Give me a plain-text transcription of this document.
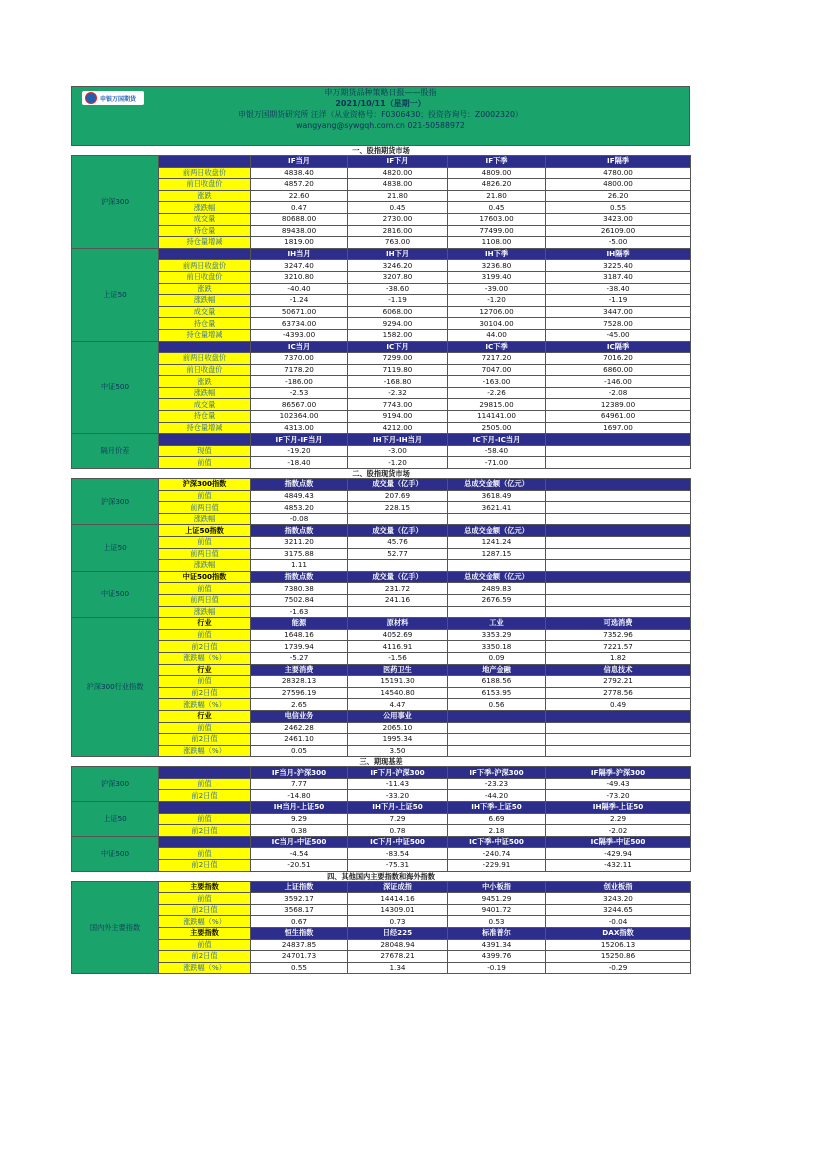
申银万国期货
申万期货品种策略日报——股指
2021/10/11（星期一）
申银万国期货研究所 汪洋（从业资格号：F0306430；投资咨询号：Z0002320）
wangyang@sywgqh.com.cn 021-50588972
一、股指期货市场					
沪深300		IF当月	IF下月	IF下季	IF隔季
	前两日收盘价	4838.40	4820.00	4809.00	4780.00
	前日收盘价	4857.20	4838.00	4826.20	4800.00
	涨跌	22.60	21.80	21.80	26.20
	涨跌幅	0.47	0.45	0.45	0.55
	成交量	80688.00	2730.00	17603.00	3423.00
	持仓量	89438.00	2816.00	77499.00	26109.00
	持仓量增减	1819.00	763.00	1108.00	-5.00
上证50		IH当月	IH下月	IH下季	IH隔季
	前两日收盘价	3247.40	3246.20	3236.80	3225.40
	前日收盘价	3210.80	3207.80	3199.40	3187.40
	涨跌	-40.40	-38.60	-39.00	-38.40
	涨跌幅	-1.24	-1.19	-1.20	-1.19
	成交量	50671.00	6068.00	12706.00	3447.00
	持仓量	63734.00	9294.00	30104.00	7528.00
	持仓量增减	-4393.00	1582.00	44.00	-45.00
中证500		IC当月	IC下月	IC下季	IC隔季
	前两日收盘价	7370.00	7299.00	7217.20	7016.20
	前日收盘价	7178.20	7119.80	7047.00	6860.00
	涨跌	-186.00	-168.80	-163.00	-146.00
	涨跌幅	-2.53	-2.32	-2.26	-2.08
	成交量	86567.00	7743.00	29815.00	12389.00
	持仓量	102364.00	9194.00	114141.00	64961.00
	持仓量增减	4313.00	4212.00	2505.00	1697.00
隔月价差		IF下月-IF当月	IH下月-IH当月	IC下月-IC当月	
	现值	-19.20	-3.00	-58.40	
	前值	-18.40	-1.20	-71.00	
二、股指现货市场					
沪深300	沪深300指数	指数点数	成交量（亿手）	总成交金额（亿元）	
	前值	4849.43	207.69	3618.49	
	前两日值	4853.20	228.15	3621.41	
	涨跌幅	-0.08			
上证50	上证50指数	指数点数	成交量（亿手）	总成交金额（亿元）	
	前值	3211.20	45.76	1241.24	
	前两日值	3175.88	52.77	1287.15	
	涨跌幅	1.11			
中证500	中证500指数	指数点数	成交量（亿手）	总成交金额（亿元）	
	前值	7380.38	231.72	2489.83	
	前两日值	7502.84	241.16	2676.59	
	涨跌幅	-1.63			
沪深300行业指数	行业	能源	原材料	工业	可选消费
	前值	1648.16	4052.69	3353.29	7352.96
	前2日值	1739.94	4116.91	3350.18	7221.57
	涨跌幅（%）	-5.27	-1.56	0.09	1.82
	行业	主要消费	医药卫生	地产金融	信息技术
	前值	28328.13	15191.30	6188.56	2792.21
	前2日值	27596.19	14540.80	6153.95	2778.56
	涨跌幅（%）	2.65	4.47	0.56	0.49
	行业	电信业务	公用事业		
	前值	2462.28	2065.10		
	前2日值	2461.10	1995.34		
	涨跌幅（%）	0.05	3.50		
三、期现基差					
沪深300		IF当月-沪深300	IF下月-沪深300	IF下季-沪深300	IF隔季-沪深300
	前值	7.77	-11.43	-23.23	-49.43
	前2日值	-14.80	-33.20	-44.20	-73.20
上证50		IH当月-上证50	IH下月-上证50	IH下季-上证50	IH隔季-上证50
	前值	9.29	7.29	6.69	2.29
	前2日值	0.38	0.78	2.18	-2.02
中证500		IC当月-中证500	IC下月-中证500	IC下季-中证500	IC隔季-中证500
	前值	-4.54	-83.54	-240.74	-429.94
	前2日值	-20.51	-75.31	-229.91	-432.11
四、其他国内主要指数和海外指数					
国内外主要指数	主要指数	上证指数	深证成指	中小板指	创业板指
	前值	3592.17	14414.16	9451.29	3243.20
	前2日值	3568.17	14309.01	9401.72	3244.65
	涨跌幅（%）	0.67	0.73	0.53	-0.04
	主要指数	恒生指数	日经225	标准普尔	DAX指数
	前值	24837.85	28048.94	4391.34	15206.13
	前2日值	24701.73	27678.21	4399.76	15250.86
	涨跌幅（%）	0.55	1.34	-0.19	-0.29
